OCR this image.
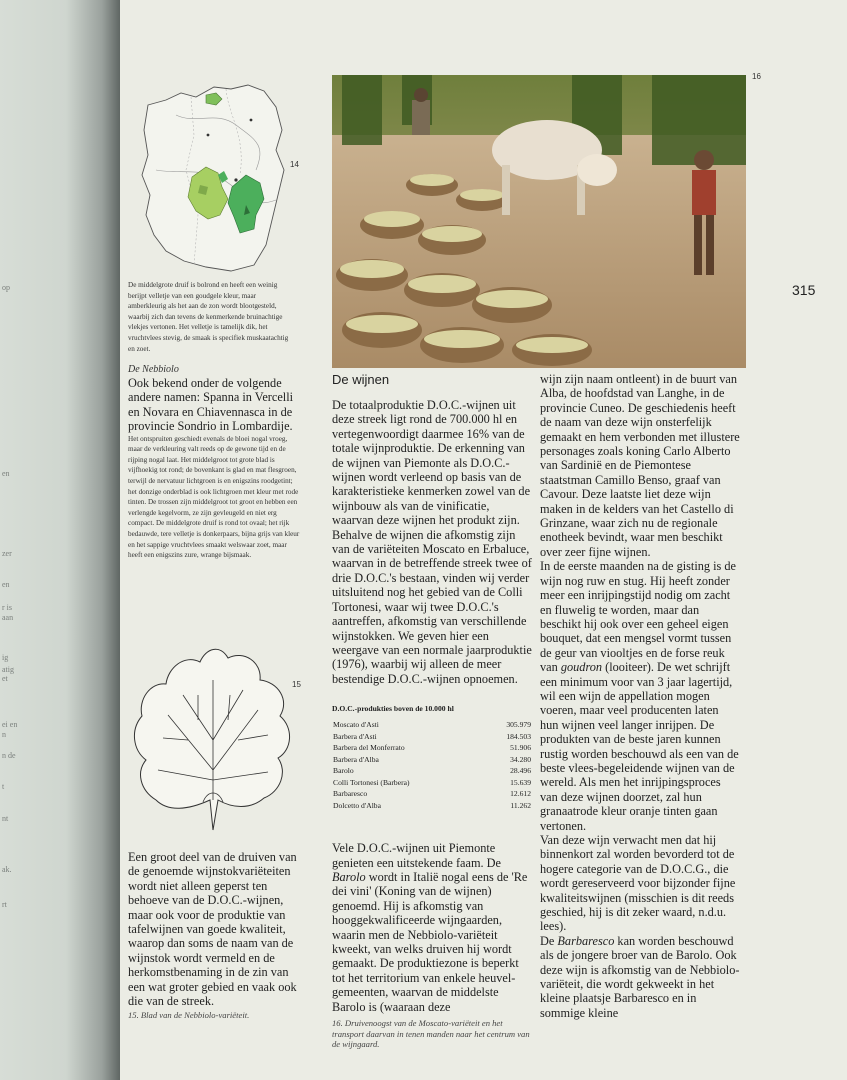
op
en
zer
en
r is
aan
ig
atig
et
ei en
n
n de
t
nt
ak.
rt
14
De middelgrote druif is bolrond en heeft een weinig berijpt velletje van een goudgele kleur, maar amberkleurig als het aan de zon wordt blootgesteld, waarbij zich dan tevens de kenmerkende bruinachtige vlekjes vertonen. Het velletje is tamelijk dik, het vruchtvlees stevig, de smaak is specifiek muskaatachtig en zoet.
De Nebbiolo
Ook bekend onder de volgende andere namen: Spanna in Vercelli en Novara en Chiavennasca in de provincie Sondrio in Lombardije.
Het ontspruiten geschiedt evenals de bloei nogal vroeg, maar de verkleuring valt reeds op de gewone tijd en de rijping nogal laat. Het middelgroot tot grote blad is vijfhoekig tot rond; de bovenkant is glad en mat flesgroen, terwijl de nervatuur lichtgroen is en enigszins roodgetint; het donzige onderblad is ook lichtgroen met kleur met rode tinten. De trossen zijn middelgroot tot groot en hebben een verlengde kegelvorm, ze zijn gevleugeld en niet erg compact. De middelgrote druif is rond tot ovaal; het rijk bedauwde, tere velletje is donkerpaars, bijna grijs van kleur en het sappige vruchtvlees smaakt welswaar zoet, maar heeft een enigszins zure, wrange bijsmaak.
15
Een groot deel van de druiven van de genoemde wijnstokvariëteiten wordt niet alleen geperst ten behoeve van de D.O.C.-wijnen, maar ook voor de produktie van tafelwijnen van goede kwaliteit, waarop dan soms de naam van de wijnstok wordt vermeld en de herkomstbenaming in de zin van een wat groter gebied en vaak ook die van de streek.
15. Blad van de Nebbiolo-variëteit.
16
315
De wijnen
De totaalproduktie D.O.C.-wijnen uit deze streek ligt rond de 700.000 hl en vertegenwoordigt daarmee 16% van de totale wijnproduktie. De erkenning van de wijnen van Piemonte als D.O.C.-wijnen wordt verleend op basis van de karakteristieke kenmerken zowel van de wijnbouw als van de vinificatie, waarvan deze wijnen het produkt zijn. Behalve de wijnen die afkomstig zijn van de variëteiten Moscato en Erbaluce, waarvan in de betreffende streek twee of drie D.O.C.'s bestaan, vinden wij verder uitsluitend nog het gebied van de Colli Tortonesi, waar wij twee D.O.C.'s aantreffen, afkomstig van verschillende wijnstokken. We geven hier een weergave van een normale jaarproduktie (1976), waarbij wij alleen de meer bestendige D.O.C.-wijnen opnoemen.
D.O.C.-produkties boven de 10.000 hl
Moscato d'Asti	305.979
Barbera d'Asti	184.503
Barbera del Monferrato	51.906
Barbera d'Alba	34.280
Barolo	28.496
Colli Tortonesi (Barbera)	15.639
Barbaresco	12.612
Dolcetto d'Alba	11.262
Vele D.O.C.-wijnen uit Piemonte genieten een uitstekende faam. De Barolo wordt in Italië nogal eens de 'Re dei vini' (Koning van de wijnen) genoemd. Hij is afkomstig van hooggekwalificeerde wijngaarden, waarin men de Nebbiolo-variëteit kweekt, van welks druiven hij wordt gemaakt. De produktiezone is beperkt tot het territorium van enkele heuvel-gemeenten, waarvan de middelste Barolo is (waaraan deze
16. Druivenoogst van de Moscato-variëteit en het transport daarvan in tenen manden naar het centrum van de wijngaard.
wijn zijn naam ontleent) in de buurt van Alba, de hoofdstad van Langhe, in de provincie Cuneo. De geschiedenis heeft de naam van deze wijn onsterfelijk gemaakt en hem verbonden met illustere personages zoals koning Carlo Alberto van Sardinië en de Piemontese staatstman Camillo Benso, graaf van Cavour. Deze laatste liet deze wijn maken in de kelders van het Castello di Grinzane, waar zich nu de regionale enotheek bevindt, waar men beschikt over zeer fijne wijnen.
In de eerste maanden na de gisting is de wijn nog ruw en stug. Hij heeft zonder meer een inrijpingstijd nodig om zacht en fluwelig te worden, maar dan beschikt hij ook over een geheel eigen bouquet, dat een mengsel vormt tussen de geur van viooltjes en de forse reuk van goudron (looiteer). De wet schrijft een minimum voor van 3 jaar lagertijd, wil een wijn de appellation mogen voeren, maar veel producenten laten hun wijnen veel langer inrijpen. De produkten van de beste jaren kunnen rustig worden beschouwd als een van de beste vlees-begeleidende wijnen van de wereld. Als men het inrijpingsproces van deze wijnen doorzet, zal hun granaatrode kleur oranje tinten gaan vertonen.
Van deze wijn verwacht men dat hij binnenkort zal worden bevorderd tot de hogere categorie van de D.O.C.G., die wordt gereserveerd voor bijzonder fijne kwaliteitswijnen (misschien is dit reeds geschied, hij is dit zeker waard, n.d.u. lees).
De Barbaresco kan worden beschouwd als de jongere broer van de Barolo. Ook deze wijn is afkomstig van de Nebbiolo-variëteit, die wordt gekweekt in het kleine plaatsje Barbaresco en in sommige kleine
